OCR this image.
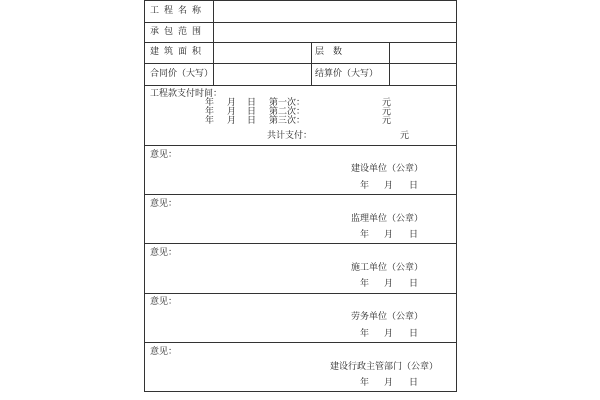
工程名称
承包范围
建筑面积	层　数
合同价（大写）	结算价（大写）
工程款支付时间：
年 月 日 第一次：	元
年 月 日 第二次：	元
年 月 日 第三次：	元
共计支付：	元
意见：
建设单位（公章）
年 月 日
意见：
监理单位（公章）
年 月 日
意见：
施工单位（公章）
年 月 日
意见：
劳务单位（公章）
年 月 日
意见：
建设行政主管部门（公章）
年 月 日
